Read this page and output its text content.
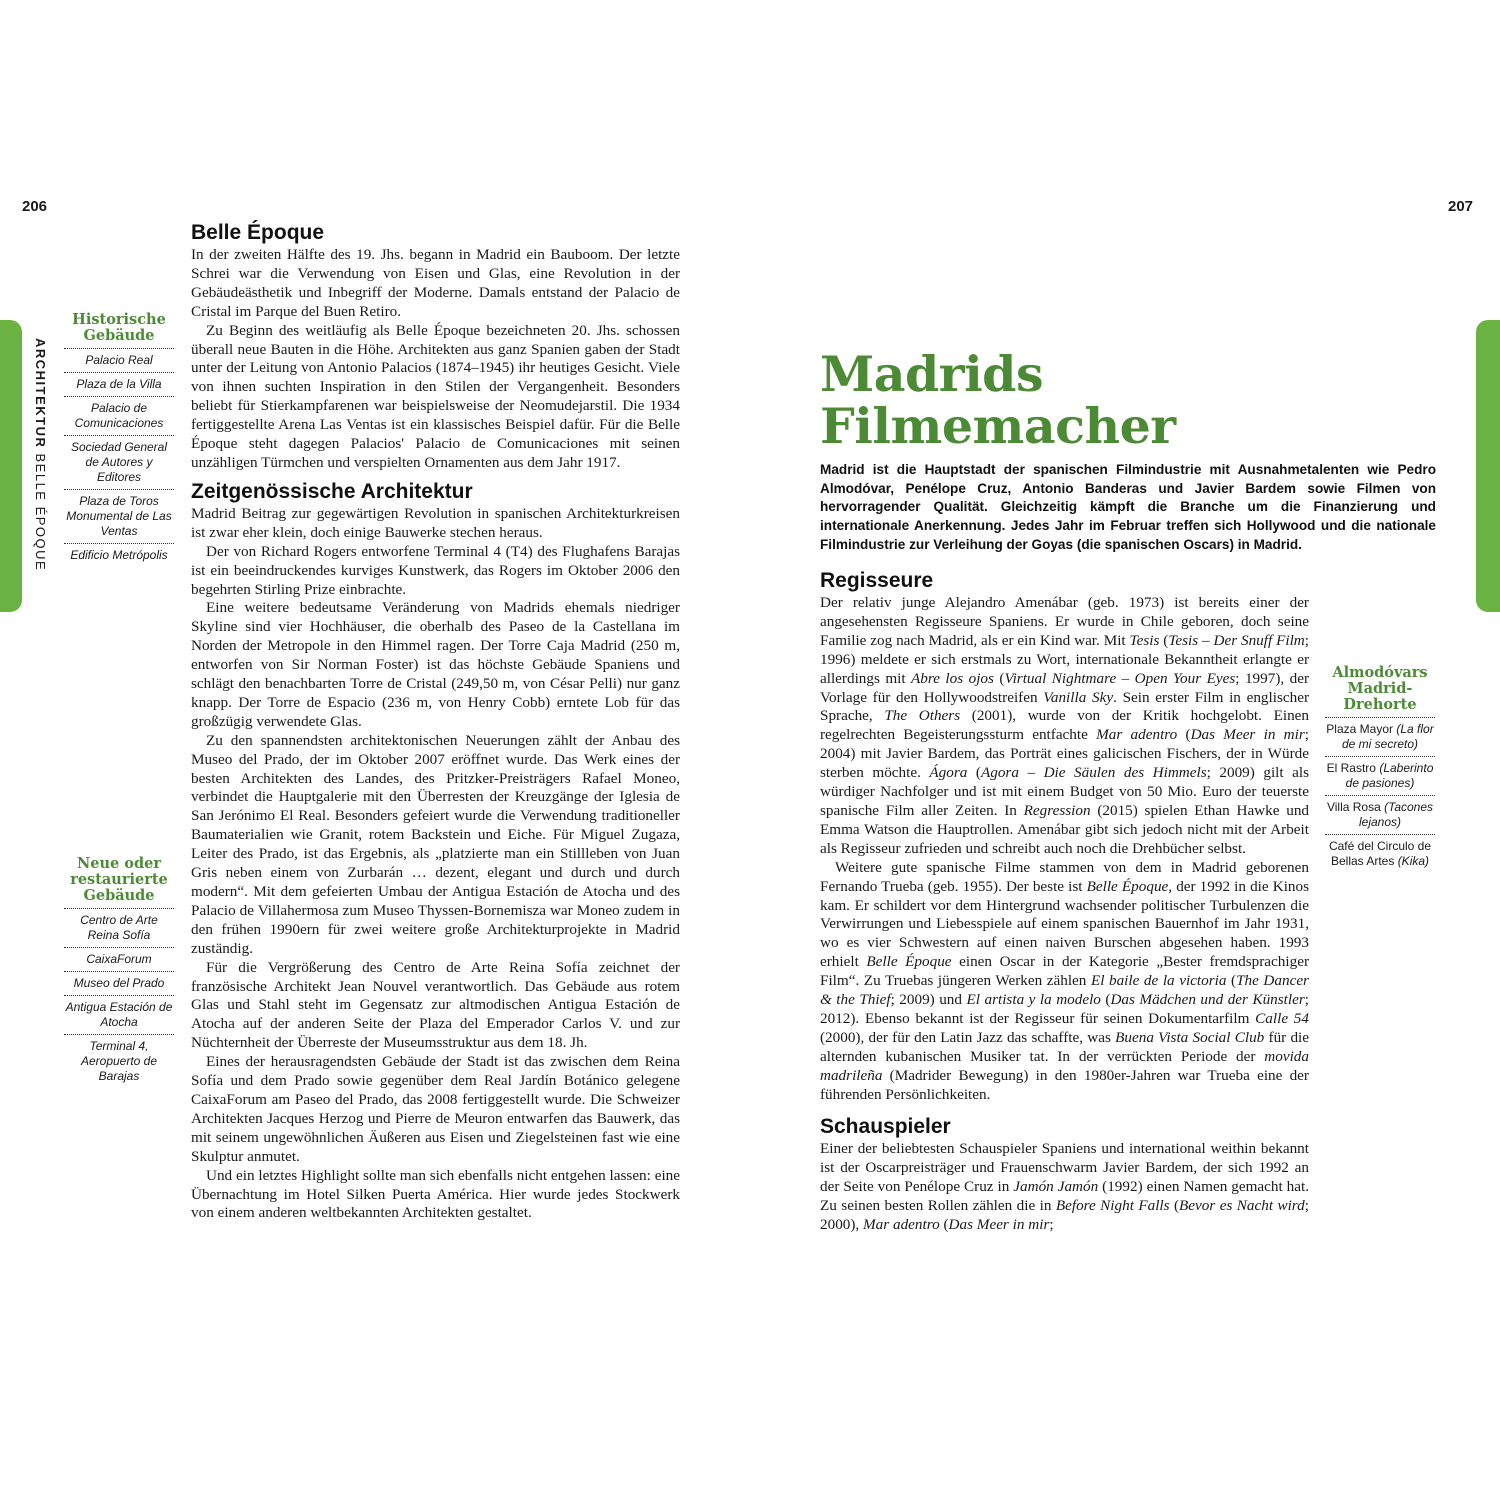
206	207
ARCHITEKTUR BELLE ÉPOQUE
Historische Gebäude
Palacio Real
Plaza de la Villa
Palacio de Comunicaciones
Sociedad General de Autores y Editores
Plaza de Toros Monumental de Las Ventas
Edificio Metrópolis
Neue oder restaurierte Gebäude
Centro de Arte Reina Sofía
CaixaForum
Museo del Prado
Antigua Estación de Atocha
Terminal 4, Aeropuerto de Barajas
Belle Époque

In der zweiten Hälfte des 19. Jhs. begann in Madrid ein Bauboom. Der letzte Schrei war die Verwendung von Eisen und Glas, eine Revolution in der Gebäudeästhetik und Inbegriff der Moderne. Damals entstand der Palacio de Cristal im Parque del Buen Retiro.

Zu Beginn des weitläufig als Belle Époque bezeichneten 20. Jhs. schossen überall neue Bauten in die Höhe. Architekten aus ganz Spanien gaben der Stadt unter der Leitung von Antonio Palacios (1874–1945) ihr heutiges Gesicht. Viele von ihnen suchten Inspiration in den Stilen der Vergangenheit. Besonders beliebt für Stierkampfarenen war beispielsweise der Neomudejarstil. Die 1934 fertiggestellte Arena Las Ventas ist ein klassisches Beispiel dafür. Für die Belle Époque steht dagegen Palacios' Palacio de Comunicaciones mit seinen unzähligen Türmchen und verspielten Ornamenten aus dem Jahr 1917.

Zeitgenössische Architektur

Madrid Beitrag zur gegewärtigen Revolution in spanischen Architekturkreisen ist zwar eher klein, doch einige Bauwerke stechen heraus.

Der von Richard Rogers entworfene Terminal 4 (T4) des Flughafens Barajas ist ein beeindruckendes kurviges Kunstwerk, das Rogers im Oktober 2006 den begehrten Stirling Prize einbrachte.

Eine weitere bedeutsame Veränderung von Madrids ehemals niedriger Skyline sind vier Hochhäuser, die oberhalb des Paseo de la Castellana im Norden der Metropole in den Himmel ragen. Der Torre Caja Madrid (250 m, entworfen von Sir Norman Foster) ist das höchste Gebäude Spaniens und schlägt den benachbarten Torre de Cristal (249,50 m, von César Pelli) nur ganz knapp. Der Torre de Espacio (236 m, von Henry Cobb) erntete Lob für das großzügig verwendete Glas.

Zu den spannendsten architektonischen Neuerungen zählt der Anbau des Museo del Prado, der im Oktober 2007 eröffnet wurde. Das Werk eines der besten Architekten des Landes, des Pritzker-Preisträgers Rafael Moneo, verbindet die Hauptgalerie mit den Überresten der Kreuzgänge der Iglesia de San Jerónimo El Real. Besonders gefeiert wurde die Verwendung traditioneller Baumaterialien wie Granit, rotem Backstein und Eiche. Für Miguel Zugaza, Leiter des Prado, ist das Ergebnis, als „platzierte man ein Stillleben von Juan Gris neben einem von Zurbarán … dezent, elegant und durch und durch modern“. Mit dem gefeierten Umbau der Antigua Estación de Atocha und des Palacio de Villahermosa zum Museo Thyssen-Bornemisza war Moneo zudem in den frühen 1990ern für zwei weitere große Architekturprojekte in Madrid zuständig.

Für die Vergrößerung des Centro de Arte Reina Sofía zeichnet der französische Architekt Jean Nouvel verantwortlich. Das Gebäude aus rotem Glas und Stahl steht im Gegensatz zur altmodischen Antigua Estación de Atocha auf der anderen Seite der Plaza del Emperador Carlos V. und zur Nüchternheit der Überreste der Museumsstruktur aus dem 18. Jh.

Eines der herausragendsten Gebäude der Stadt ist das zwischen dem Reina Sofía und dem Prado sowie gegenüber dem Real Jardín Botánico gelegene CaixaForum am Paseo del Prado, das 2008 fertiggestellt wurde. Die Schweizer Architekten Jacques Herzog und Pierre de Meuron entwarfen das Bauwerk, das mit seinem ungewöhnlichen Äußeren aus Eisen und Ziegelsteinen fast wie eine Skulptur anmutet.

Und ein letztes Highlight sollte man sich ebenfalls nicht entgehen lassen: eine Übernachtung im Hotel Silken Puerta América. Hier wurde jedes Stockwerk von einem anderen weltbekannten Architekten gestaltet.

Madrids
Filmemacher
Madrid ist die Hauptstadt der spanischen Filmindustrie mit Ausnahmetalenten wie Pedro Almodóvar, Penélope Cruz, Antonio Banderas und Javier Bardem sowie Filmen von hervorragender Qualität. Gleichzeitig kämpft die Branche um die Finanzierung und internationale Anerkennung. Jedes Jahr im Februar treffen sich Hollywood und die nationale Filmindustrie zur Verleihung der Goyas (die spanischen Oscars) in Madrid.
Regisseure

Der relativ junge Alejandro Amenábar (geb. 1973) ist bereits einer der angesehensten Regisseure Spaniens. Er wurde in Chile geboren, doch seine Familie zog nach Madrid, als er ein Kind war. Mit Tesis (Tesis – Der Snuff Film; 1996) meldete er sich erstmals zu Wort, internationale Bekanntheit erlangte er allerdings mit Abre los ojos (Virtual Nightmare – Open Your Eyes; 1997), der Vorlage für den Hollywoodstreifen Vanilla Sky. Sein erster Film in englischer Sprache, The Others (2001), wurde von der Kritik hochgelobt. Einen regelrechten Begeisterungssturm entfachte Mar adentro (Das Meer in mir; 2004) mit Javier Bardem, das Porträt eines galicischen Fischers, der in Würde sterben möchte. Ágora (Agora – Die Säulen des Himmels; 2009) gilt als würdiger Nachfolger und ist mit einem Budget von 50 Mio. Euro der teuerste spanische Film aller Zeiten. In Regression (2015) spielen Ethan Hawke und Emma Watson die Hauptrollen. Amenábar gibt sich jedoch nicht mit der Arbeit als Regisseur zufrieden und schreibt auch noch die Drehbücher selbst.

Weitere gute spanische Filme stammen von dem in Madrid geborenen Fernando Trueba (geb. 1955). Der beste ist Belle Époque, der 1992 in die Kinos kam. Er schildert vor dem Hintergrund wachsender politischer Turbulenzen die Verwirrungen und Liebesspiele auf einem spanischen Bauernhof im Jahr 1931, wo es vier Schwestern auf einen naiven Burschen abgesehen haben. 1993 erhielt Belle Époque einen Oscar in der Kategorie „Bester fremdsprachiger Film“. Zu Truebas jüngeren Werken zählen El baile de la victoria (The Dancer & the Thief; 2009) und El artista y la modelo (Das Mädchen und der Künstler; 2012). Ebenso bekannt ist der Regisseur für seinen Dokumentarfilm Calle 54 (2000), der für den Latin Jazz das schaffte, was Buena Vista Social Club für die alternden kubanischen Musiker tat. In der verrückten Periode der movida madrileña (Madrider Bewegung) in den 1980er-Jahren war Trueba eine der führenden Persönlichkeiten.

Schauspieler

Einer der beliebtesten Schauspieler Spaniens und international weithin bekannt ist der Oscarpreisträger und Frauenschwarm Javier Bardem, der sich 1992 an der Seite von Penélope Cruz in Jamón Jamón (1992) einen Namen gemacht hat. Zu seinen besten Rollen zählen die in Before Night Falls (Bevor es Nacht wird; 2000), Mar adentro (Das Meer in mir;

Almodóvars Madrid-Drehorte
Plaza Mayor (La flor de mi secreto)
El Rastro (Laberinto de pasiones)
Villa Rosa (Tacones lejanos)
Café del Circulo de Bellas Artes (Kika)
